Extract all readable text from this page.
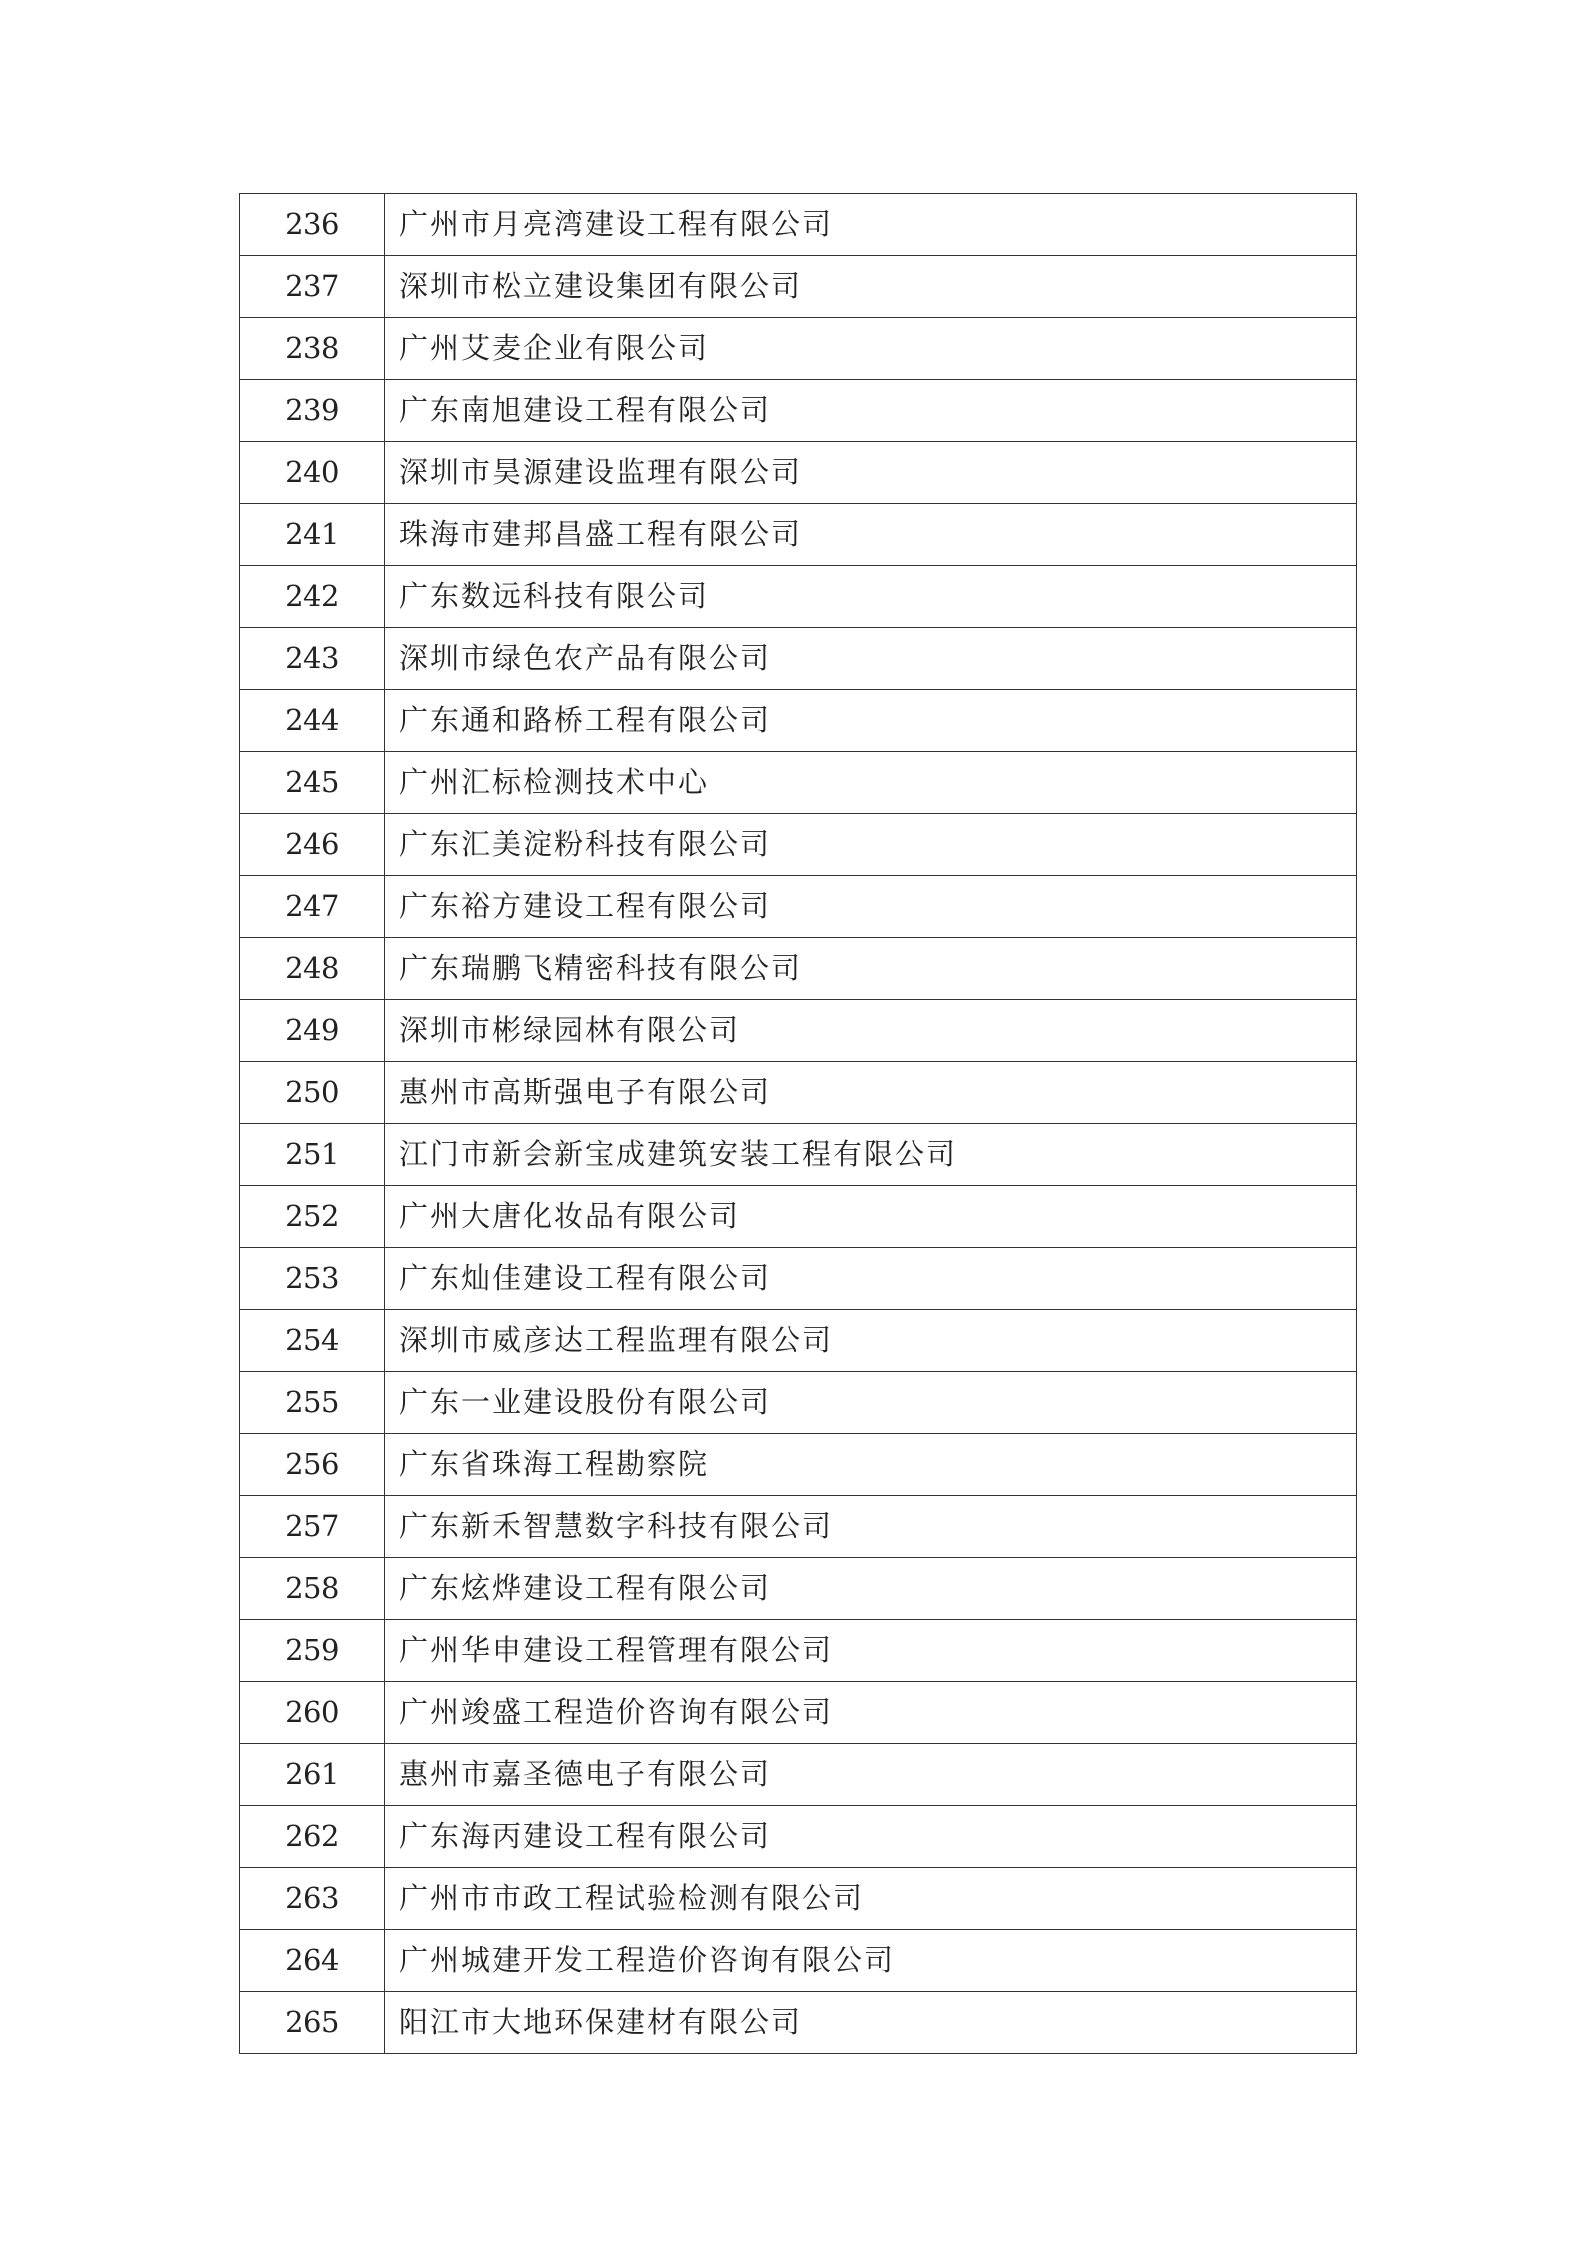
236	广州市月亮湾建设工程有限公司
237	深圳市松立建设集团有限公司
238	广州艾麦企业有限公司
239	广东南旭建设工程有限公司
240	深圳市昊源建设监理有限公司
241	珠海市建邦昌盛工程有限公司
242	广东数远科技有限公司
243	深圳市绿色农产品有限公司
244	广东通和路桥工程有限公司
245	广州汇标检测技术中心
246	广东汇美淀粉科技有限公司
247	广东裕方建设工程有限公司
248	广东瑞鹏飞精密科技有限公司
249	深圳市彬绿园林有限公司
250	惠州市高斯强电子有限公司
251	江门市新会新宝成建筑安装工程有限公司
252	广州大唐化妆品有限公司
253	广东灿佳建设工程有限公司
254	深圳市威彦达工程监理有限公司
255	广东一业建设股份有限公司
256	广东省珠海工程勘察院
257	广东新禾智慧数字科技有限公司
258	广东炫烨建设工程有限公司
259	广州华申建设工程管理有限公司
260	广州竣盛工程造价咨询有限公司
261	惠州市嘉圣德电子有限公司
262	广东海丙建设工程有限公司
263	广州市市政工程试验检测有限公司
264	广州城建开发工程造价咨询有限公司
265	阳江市大地环保建材有限公司
